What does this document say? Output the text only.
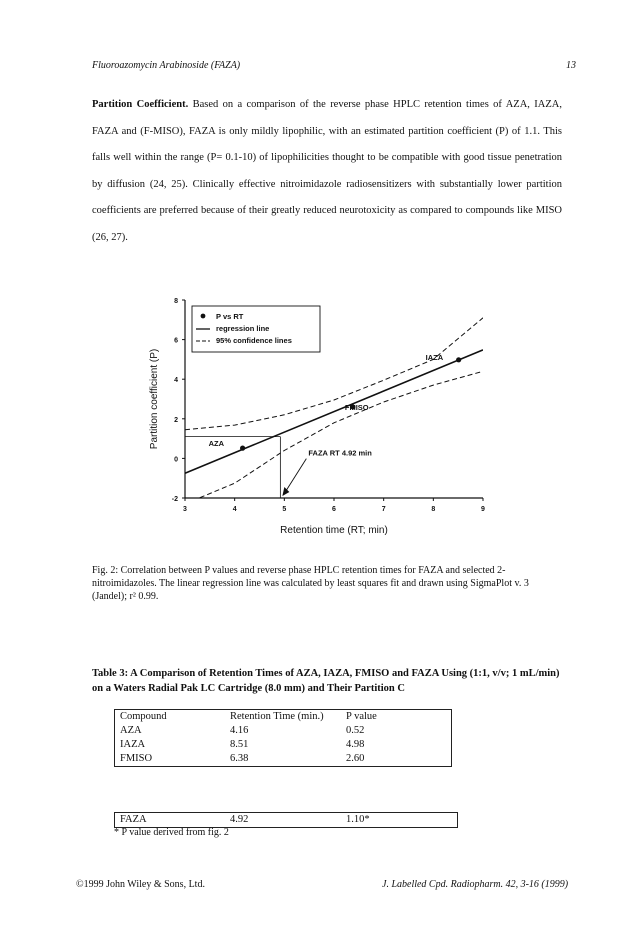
Fluoroazomycin Arabinoside (FAZA)	13
Partition Coefficient. Based on a comparison of the reverse phase HPLC retention times of AZA, IAZA, FAZA and (F-MISO), FAZA is only mildly lipophilic, with an estimated partition coefficient (P) of 1.1. This falls well within the range (P= 0.1-10) of lipophilicities thought to be compatible with good tissue penetration by diffusion (24, 25). Clinically effective nitroimidazole radiosensitizers with substantially lower partition coefficients are preferred because of their greatly reduced neurotoxicity as compared to compounds like MISO (26, 27).
3	4	5	6	7	8	9
-2
0
2
4
6
8
Retention time (RT; min)
Partition coefficient (P)
FAZA RT 4.92 min
AZA
FMISO
IAZA
P vs RT
regression line
95% confidence lines
Fig. 2: Correlation between P values and reverse phase HPLC retention times for FAZA and selected 2-nitroimidazoles. The linear regression line was calculated by least squares fit and drawn using SigmaPlot v. 3 (Jandel); r² 0.99.
Table 3: A Comparison of Retention Times of AZA, IAZA, FMISO and FAZA Using (1:1, v/v; 1 mL/min) on a Waters Radial Pak LC Cartridge (8.0 mm) and Their Partition C
Compound	Retention Time (min.)	P value
AZA	4.16	0.52
IAZA	8.51	4.98
FMISO	6.38	2.60
FAZA	4.92	1.10*
* P value derived from fig. 2
©1999 John Wiley & Sons, Ltd.	J. Labelled Cpd. Radiopharm. 42, 3-16 (1999)
